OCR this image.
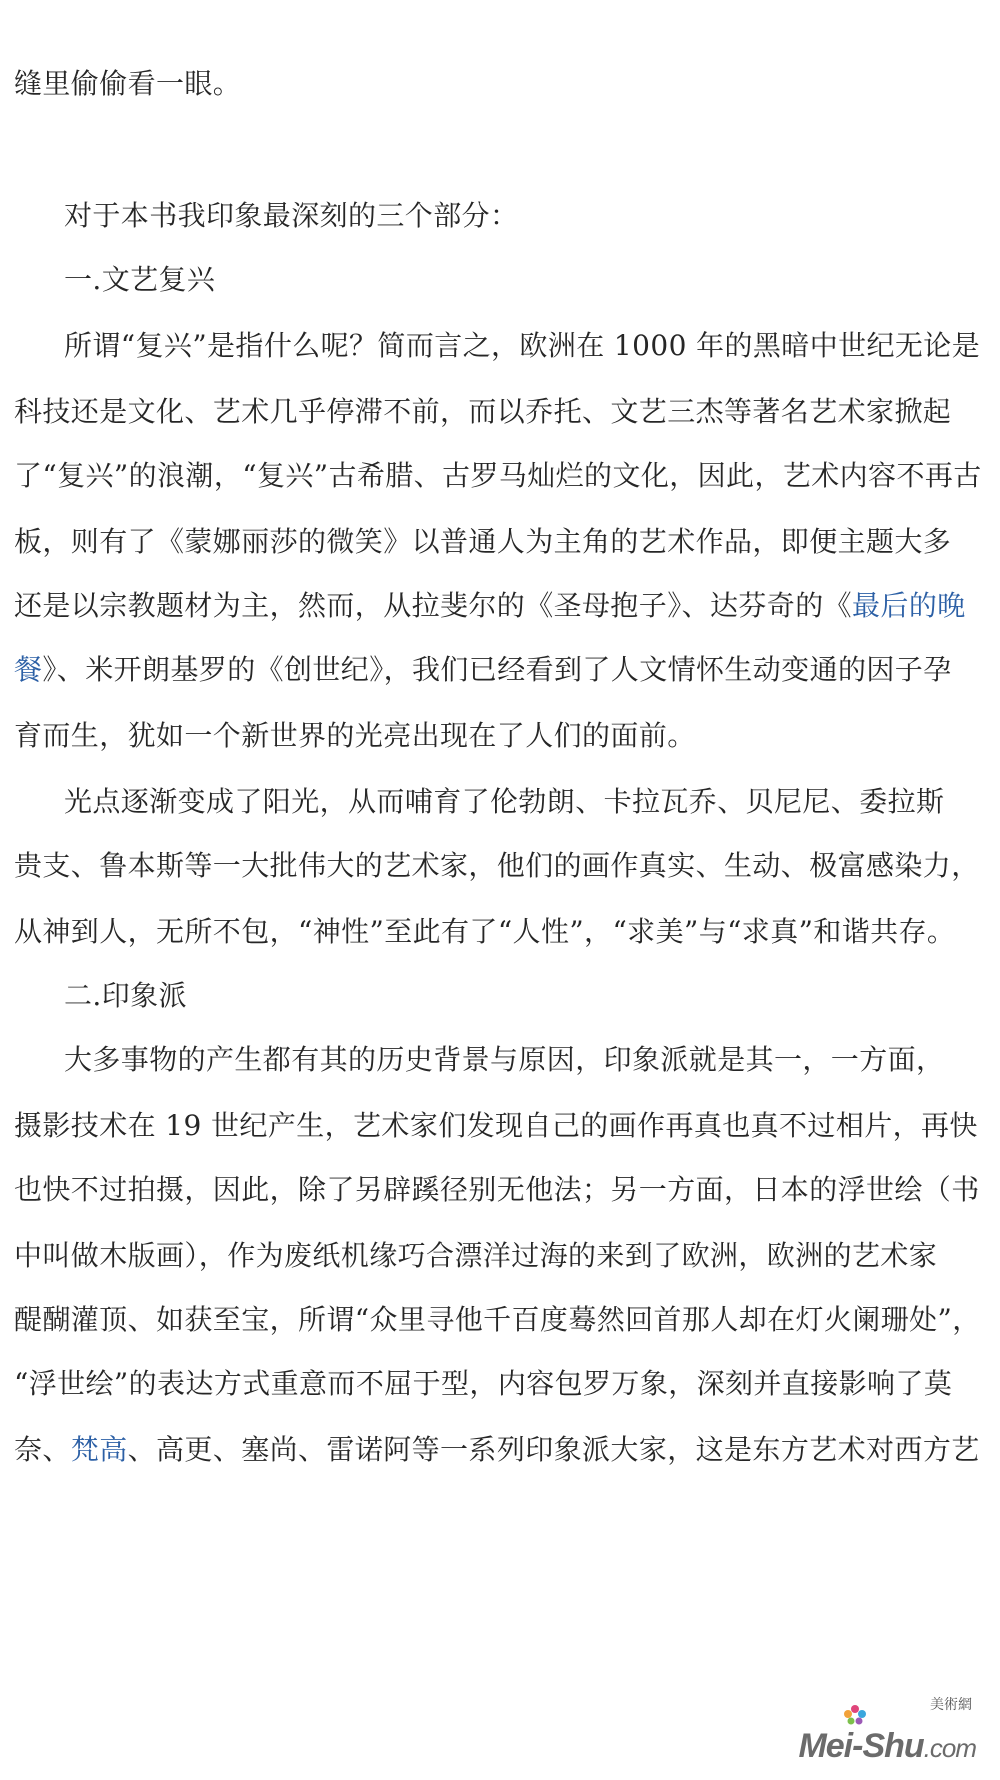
缝里偷偷看一眼。
对于本书我印象最深刻的三个部分：
一.文艺复兴
所谓“复兴”是指什么呢？简而言之，欧洲在 1000 年的黑暗中世纪无论是
科技还是文化、艺术几乎停滞不前，而以乔托、文艺三杰等著名艺术家掀起
了“复兴”的浪潮，“复兴”古希腊、古罗马灿烂的文化，因此，艺术内容不再古
板，则有了《蒙娜丽莎的微笑》以普通人为主角的艺术作品，即便主题大多
还是以宗教题材为主，然而，从拉斐尔的《圣母抱子》、达芬奇的《最后的晚
餐》、米开朗基罗的《创世纪》，我们已经看到了人文情怀生动变通的因子孕
育而生，犹如一个新世界的光亮出现在了人们的面前。
光点逐渐变成了阳光，从而哺育了伦勃朗、卡拉瓦乔、贝尼尼、委拉斯
贵支、鲁本斯等一大批伟大的艺术家，他们的画作真实、生动、极富感染力，
从神到人，无所不包，“神性”至此有了“人性”，“求美”与“求真”和谐共存。
二.印象派
大多事物的产生都有其的历史背景与原因，印象派就是其一，一方面，
摄影技术在 19 世纪产生，艺术家们发现自己的画作再真也真不过相片，再快
也快不过拍摄，因此，除了另辟蹊径别无他法；另一方面，日本的浮世绘（书
中叫做木版画），作为废纸机缘巧合漂洋过海的来到了欧洲，欧洲的艺术家
醍醐灌顶、如获至宝，所谓“众里寻他千百度蓦然回首那人却在灯火阑珊处”，
“浮世绘”的表达方式重意而不屈于型，内容包罗万象，深刻并直接影响了莫
奈、梵高、高更、塞尚、雷诺阿等一系列印象派大家，这是东方艺术对西方艺
美術網
Mei-Shu.com
